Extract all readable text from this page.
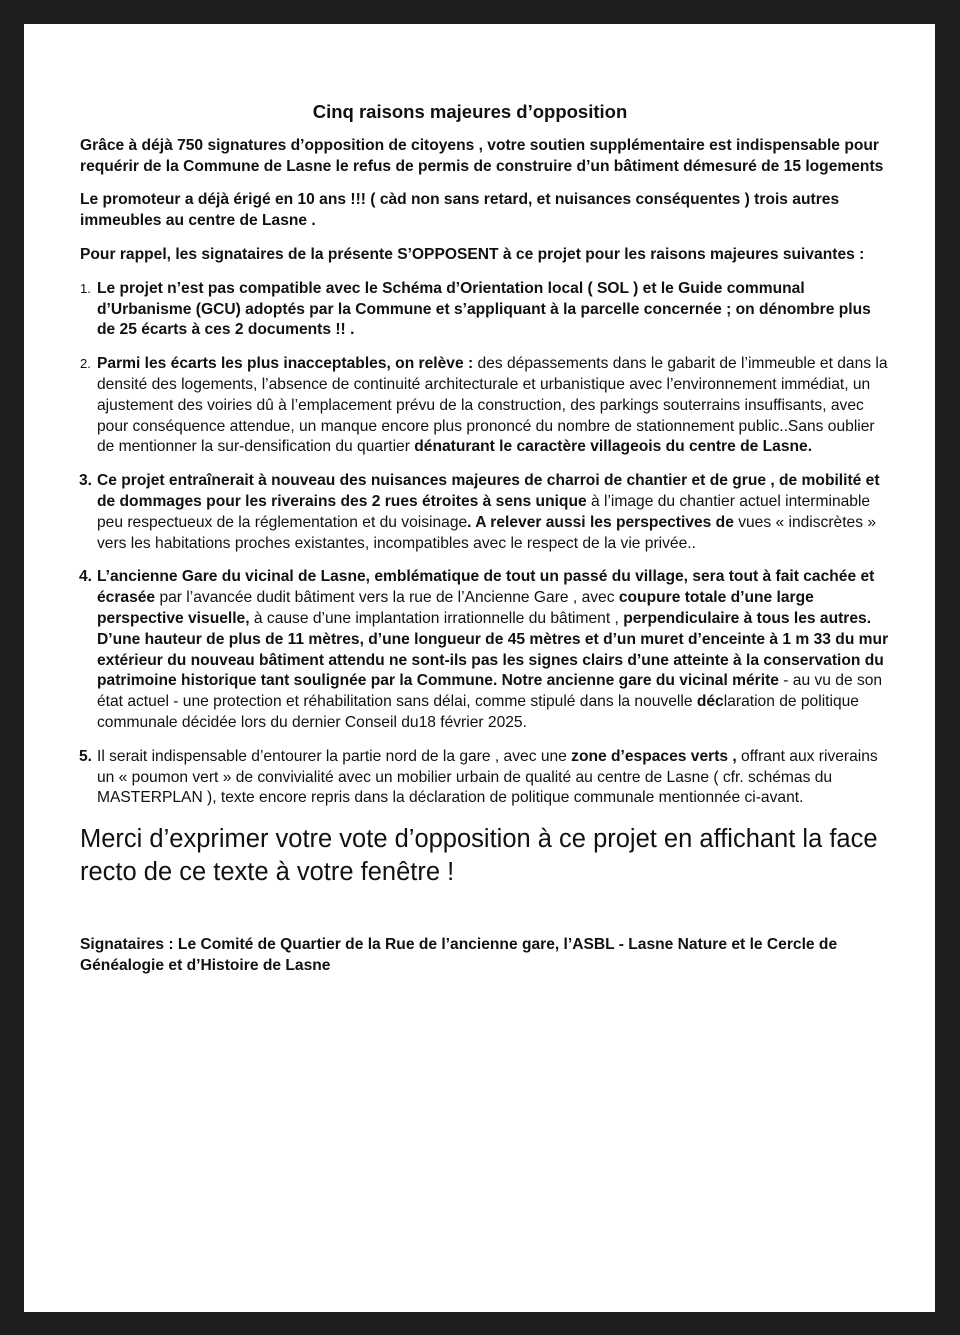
Cinq raisons majeures d’opposition
Grâce à déjà 750 signatures d’opposition de citoyens , votre soutien supplémentaire est indispensable pour requérir de la Commune de Lasne le refus de permis de construire d’un bâtiment démesuré de 15 logements
Le promoteur a déjà érigé en 10 ans !!! ( càd non sans retard, et nuisances conséquentes ) trois autres immeubles au centre de Lasne .
Pour rappel, les signataires de la présente S’OPPOSENT à ce projet pour les raisons majeures suivantes :
1. Le projet n’est pas compatible avec le Schéma d’Orientation local ( SOL ) et le Guide communal d’Urbanisme (GCU) adoptés par la Commune et s’appliquant à la parcelle concernée ; on dénombre plus de 25 écarts à ces 2 documents !! .
2. Parmi les écarts les plus inacceptables, on relève : des dépassements dans le gabarit de l’immeuble et dans la densité des logements, l’absence de continuité architecturale et urbanistique avec l’environnement immédiat, un ajustement des voiries dû à l’emplacement prévu de la construction, des parkings souterrains insuffisants, avec pour conséquence attendue, un manque encore plus prononcé du nombre de stationnement public..Sans oublier de mentionner la sur-densification du quartier dénaturant le caractère villageois du centre de Lasne.
3. Ce projet entraînerait à nouveau des nuisances majeures de charroi de chantier et de grue , de mobilité et de dommages pour les riverains des 2 rues étroites à sens unique à l’image du chantier actuel interminable peu respectueux de la réglementation et du voisinage. A relever aussi les perspectives de vues « indiscrètes » vers les habitations proches existantes, incompatibles avec le respect de la vie privée..
4. L’ancienne Gare du vicinal de Lasne, emblématique de tout un passé du village, sera tout à fait cachée et écrasée par l’avancée dudit bâtiment vers la rue de l’Ancienne Gare , avec coupure totale d’une large perspective visuelle, à cause d’une implantation irrationnelle du bâtiment , perpendiculaire à tous les autres. D’une hauteur de plus de 11 mètres, d’une longueur de 45 mètres et d’un muret d’enceinte à 1 m 33 du mur extérieur du nouveau bâtiment attendu ne sont-ils pas les signes clairs d’une atteinte à la conservation du patrimoine historique tant soulignée par la Commune. Notre ancienne gare du vicinal mérite - au vu de son état actuel - une protection et réhabilitation sans délai, comme stipulé dans la nouvelle déclaration de politique communale décidée lors du dernier Conseil du18 février 2025.
5. Il serait indispensable d’entourer la partie nord de la gare , avec une zone d’espaces verts , offrant aux riverains un « poumon vert » de convivialité avec un mobilier urbain de qualité au centre de Lasne ( cfr. schémas du MASTERPLAN ), texte encore repris dans la déclaration de politique communale mentionnée ci-avant.
Merci d’exprimer votre vote d’opposition à ce projet en affichant la face recto de ce texte à votre fenêtre !
Signataires : Le Comité de Quartier de la Rue de l’ancienne gare, l’ASBL - Lasne Nature et le Cercle de Généalogie et d’Histoire de Lasne
